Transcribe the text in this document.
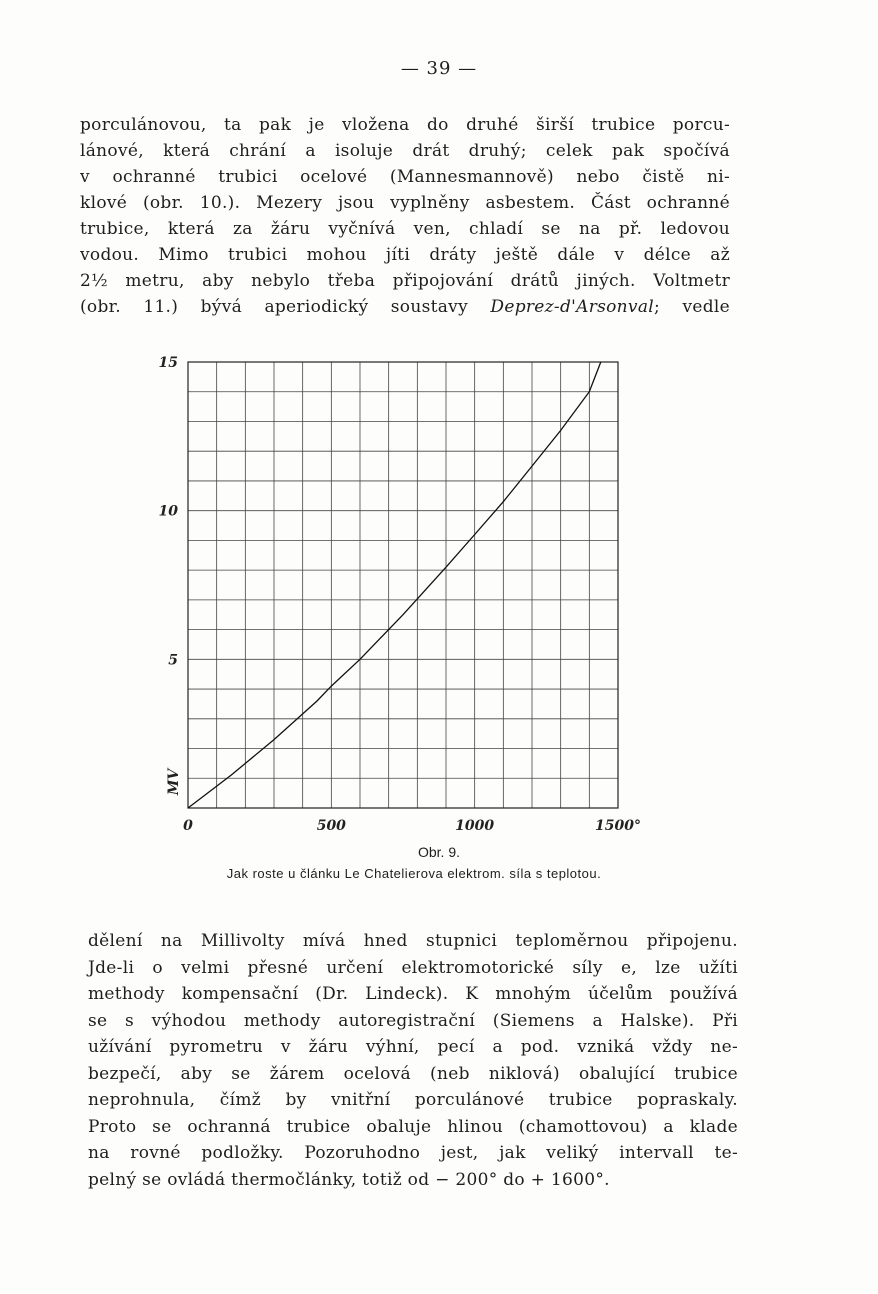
— 39 —
porculánovou, ta pak je vložena do druhé širší trubice porcu-
lánové, která chrání a isoluje drát druhý; celek pak spočívá
v ochranné trubici ocelové (Mannesmannově) nebo čistě ni-
klové (obr. 10.). Mezery jsou vyplněny asbestem. Část ochranné
trubice, která za žáru vyčnívá ven, chladí se na př. ledovou
vodou. Mimo trubici mohou jíti dráty ještě dále v délce až
2½ metru, aby nebylo třeba připojování drátů jiných. Voltmetr
(obr. 11.) bývá aperiodický soustavy Deprez-d'Arsonval; vedle
0	500	1000	1500°
5
10
15
MV
Obr. 9.
Jak roste u článku Le Chatelierova elektrom. síla s teplotou.
dělení na Millivolty mívá hned stupnici teploměrnou připojenu.
Jde-li o velmi přesné určení elektromotorické síly e, lze užíti
methody kompensační (Dr. Lindeck). K mnohým účelům používá
se s výhodou methody autoregistrační (Siemens a Halske). Při
užívání pyrometru v žáru výhní, pecí a pod. vzniká vždy ne-
bezpečí, aby se žárem ocelová (neb niklová) obalující trubice
neprohnula, čímž by vnitřní porculánové trubice popraskaly.
Proto se ochranná trubice obaluje hlinou (chamottovou) a klade
na rovné podložky. Pozoruhodno jest, jak veliký intervall te-
pelný se ovládá thermočlánky, totiž od − 200° do + 1600°.
